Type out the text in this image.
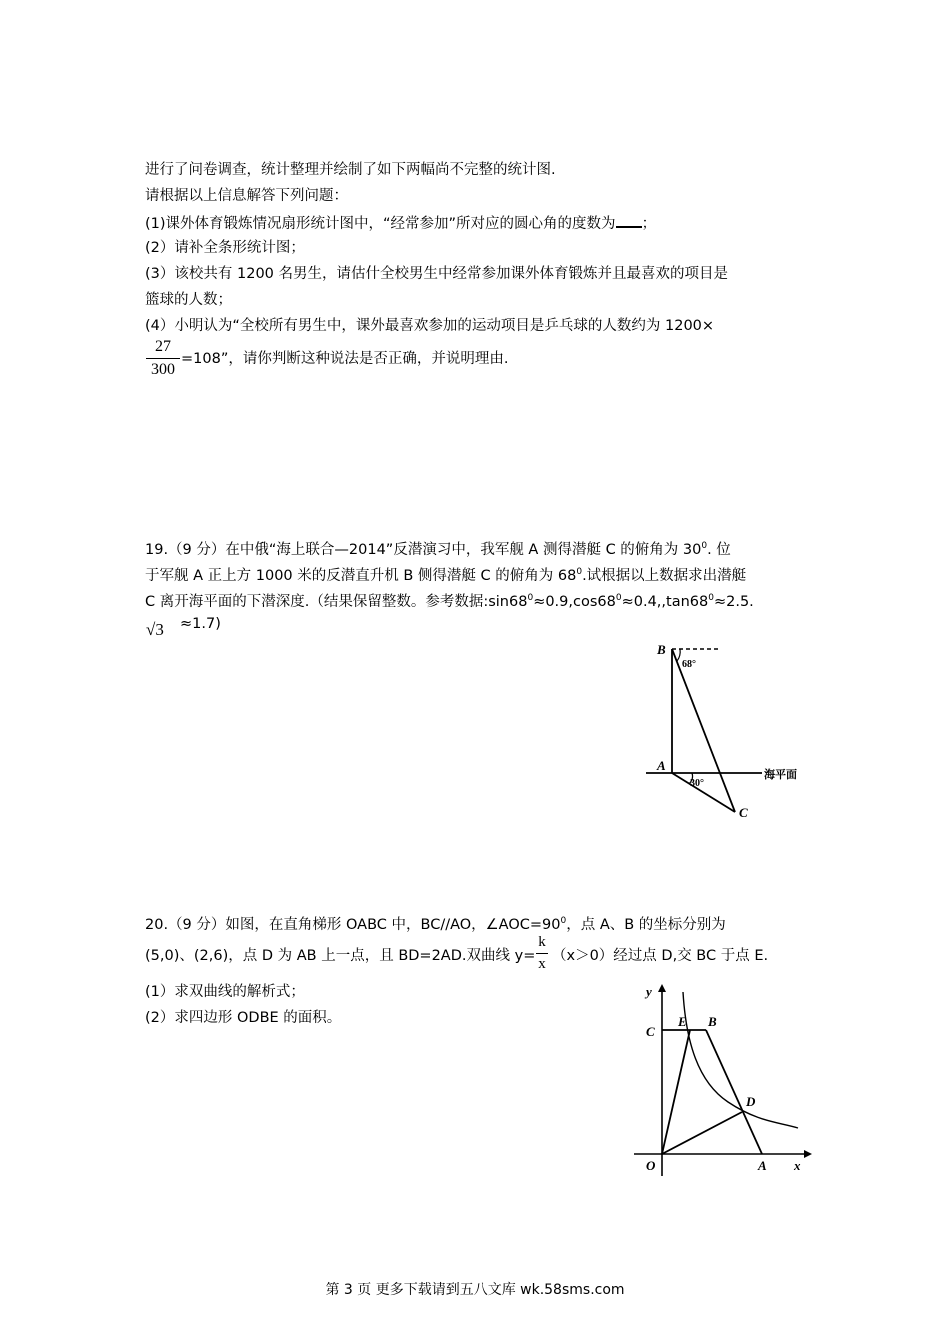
进行了问卷调查，统计整理并绘制了如下两幅尚不完整的统计图.
请根据以上信息解答下列问题：
(1)课外体育锻炼情况扇形统计图中，“经常参加”所对应的圆心角的度数为 ；
(2）请补全条形统计图；
(3）该校共有 1200 名男生，请估什全校男生中经常参加课外体育锻炼并且最喜欢的项目是
篮球的人数；
(4）小明认为“全校所有男生中，课外最喜欢参加的运动项目是乒乓球的人数约为 1200×
27
300
=108”，请你判断这种说法是否正确，并说明理由.
19.（9 分）在中俄“海上联合—2014”反潜演习中，我军舰 A 测得潜艇 C 的俯角为 $30^0$. 位
于军舰 A 正上方 1000 米的反潜直升机 B 侧得潜艇 C 的俯角为 $68^0$.试根据以上数据求出潜艇
C 离开海平面的下潜深度.（结果保留整数。参考数据$:\sin 68^0\approx 0.9,\cos 68^0\approx 0.4,,\tan 68^0\approx 2.5$.
√3 ≈1.7)
B
A
C
68°
30°
海平面
20.（9 分）如图，在直角梯形 OABC 中，BC//AO，$\angle AOC=90^0$，点 A、B 的坐标分别为
(5,0)、(2,6)，点 D 为 AB 上一点，且 BD=2AD.双曲线 y=
k
x （x＞0）经过点 D,交 BC 于点 E.
(1）求双曲线的解析式；
(2）求四边形 ODBE 的面积。
y
x
O	A
C
E B
D
第 3 页 更多下载请到五八文库 wk.58sms.com
